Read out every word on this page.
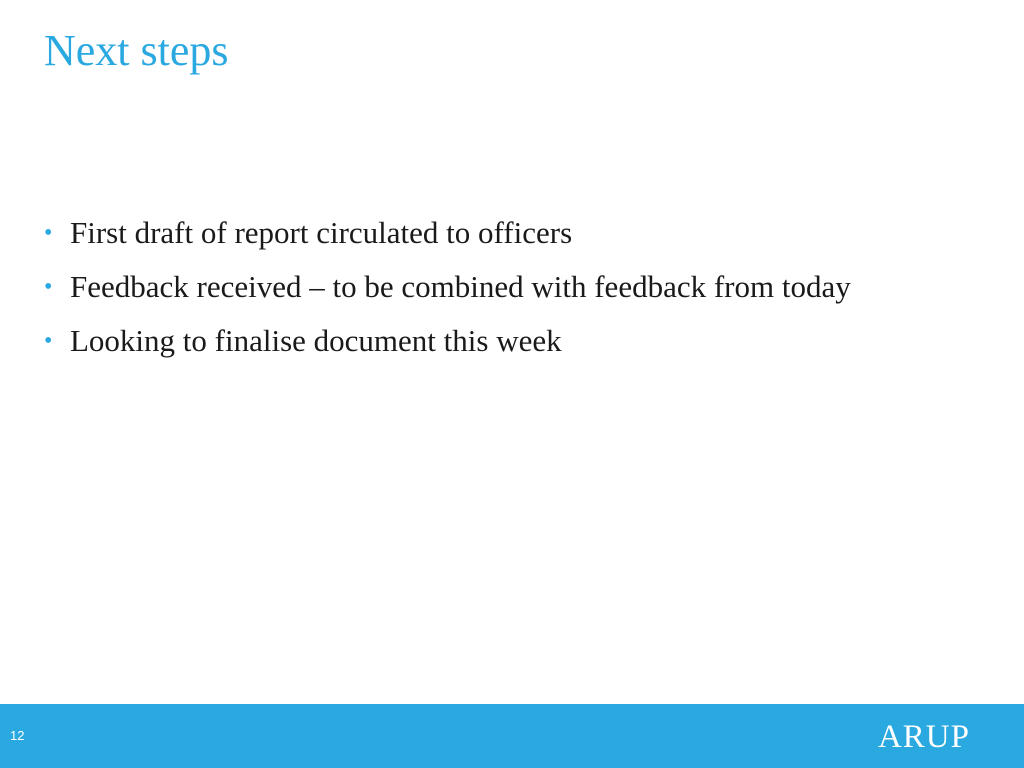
Next steps
• First draft of report circulated to officers
• Feedback received – to be combined with feedback from today
• Looking to finalise document this week
12	ARUP
